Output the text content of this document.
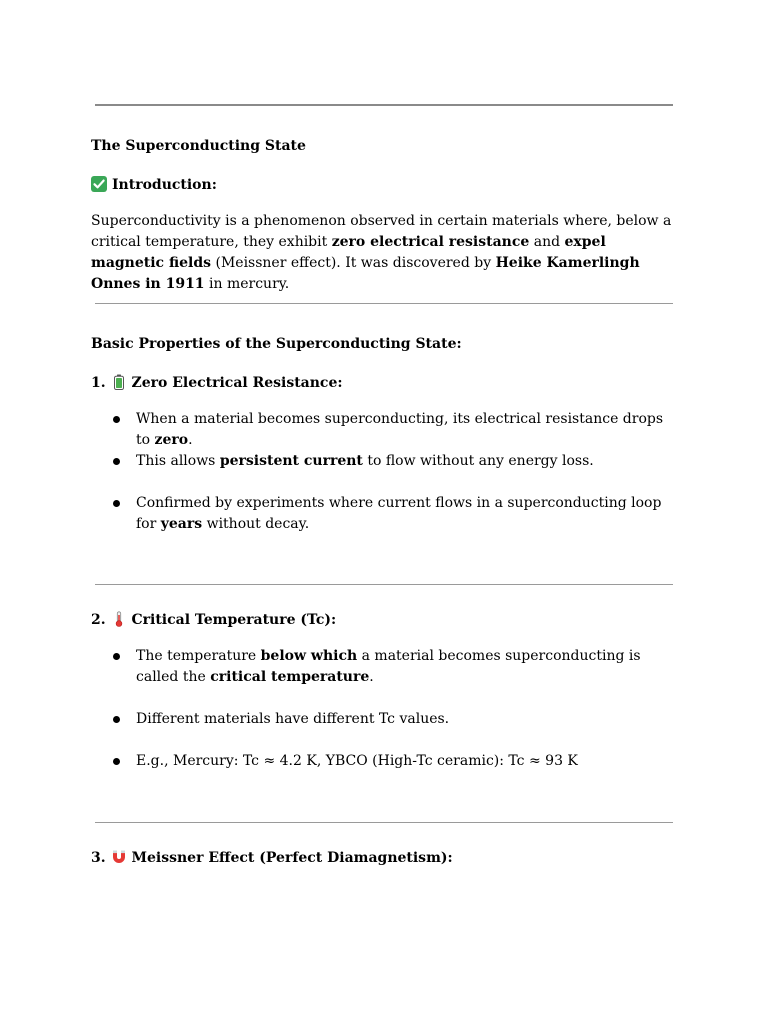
The Superconducting State

Introduction:

Superconductivity is a phenomenon observed in certain materials where, below a critical temperature, they exhibit zero electrical resistance and expel magnetic fields (Meissner effect). It was discovered by Heike Kamerlingh Onnes in 1911 in mercury.

Basic Properties of the Superconducting State:

1. Zero Electrical Resistance:

When a material becomes superconducting, its electrical resistance drops to zero.
This allows persistent current to flow without any energy loss.
Confirmed by experiments where current flows in a superconducting loop for years without decay.

2. Critical Temperature (Tc):

The temperature below which a material becomes superconducting is called the critical temperature.
Different materials have different Tc values.
E.g., Mercury: Tc ≈ 4.2 K, YBCO (High-Tc ceramic): Tc ≈ 93 K

3. Meissner Effect (Perfect Diamagnetism):
